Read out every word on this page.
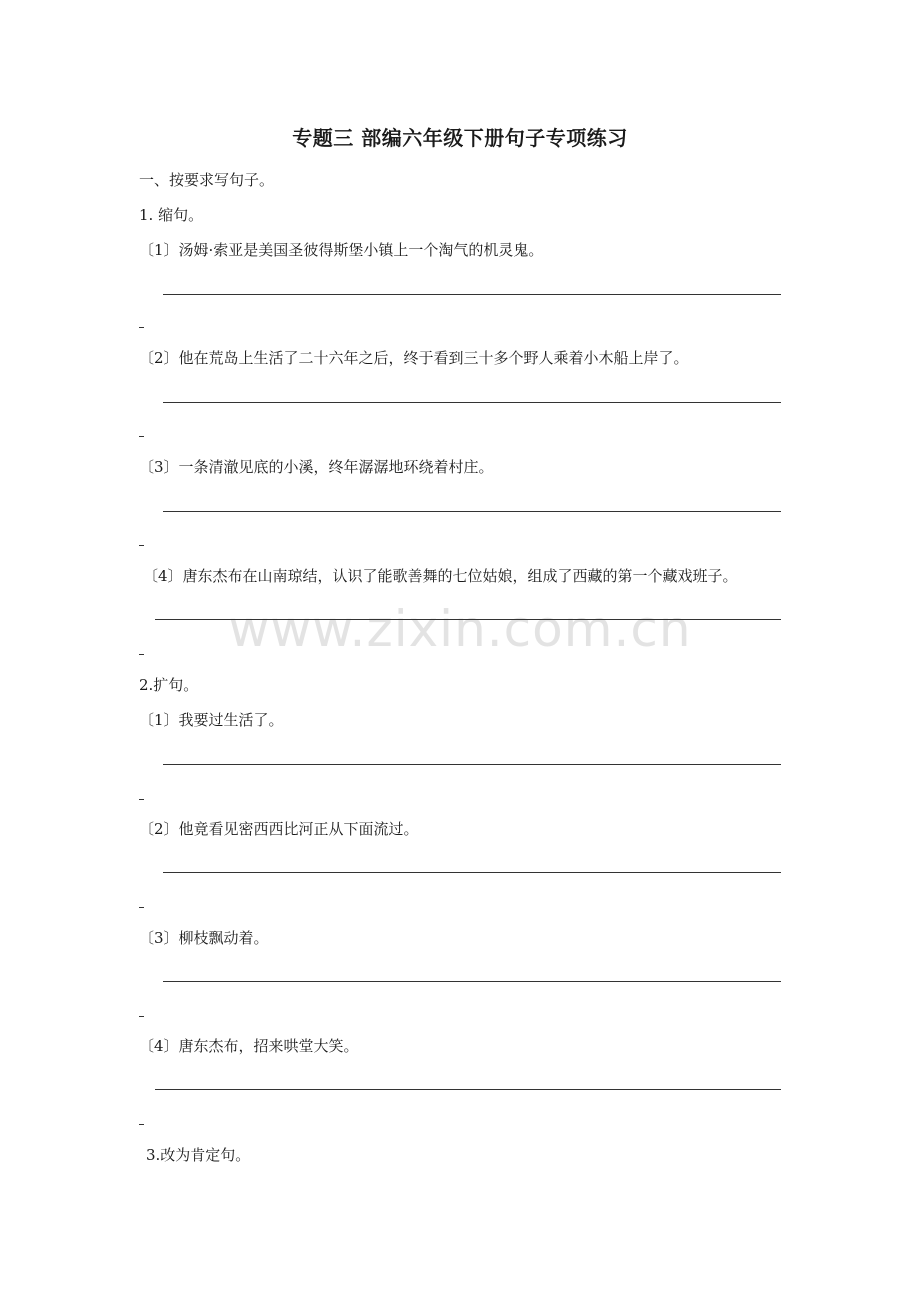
www.zixin.com.cn
专题三 部编六年级下册句子专项练习
一、按要求写句子。
1. 缩句。
〔1〕汤姆·索亚是美国圣彼得斯堡小镇上一个淘气的机灵鬼。
〔2〕他在荒岛上生活了二十六年之后，终于看到三十多个野人乘着小木船上岸了。
〔3〕一条清澈见底的小溪，终年潺潺地环绕着村庄。
〔4〕唐东杰布在山南琼结，认识了能歌善舞的七位姑娘，组成了西藏的第一个藏戏班子。
2.扩句。
〔1〕我要过生活了。
〔2〕他竟看见密西西比河正从下面流过。
〔3〕柳枝飘动着。
〔4〕唐东杰布，招来哄堂大笑。
3.改为肯定句。
